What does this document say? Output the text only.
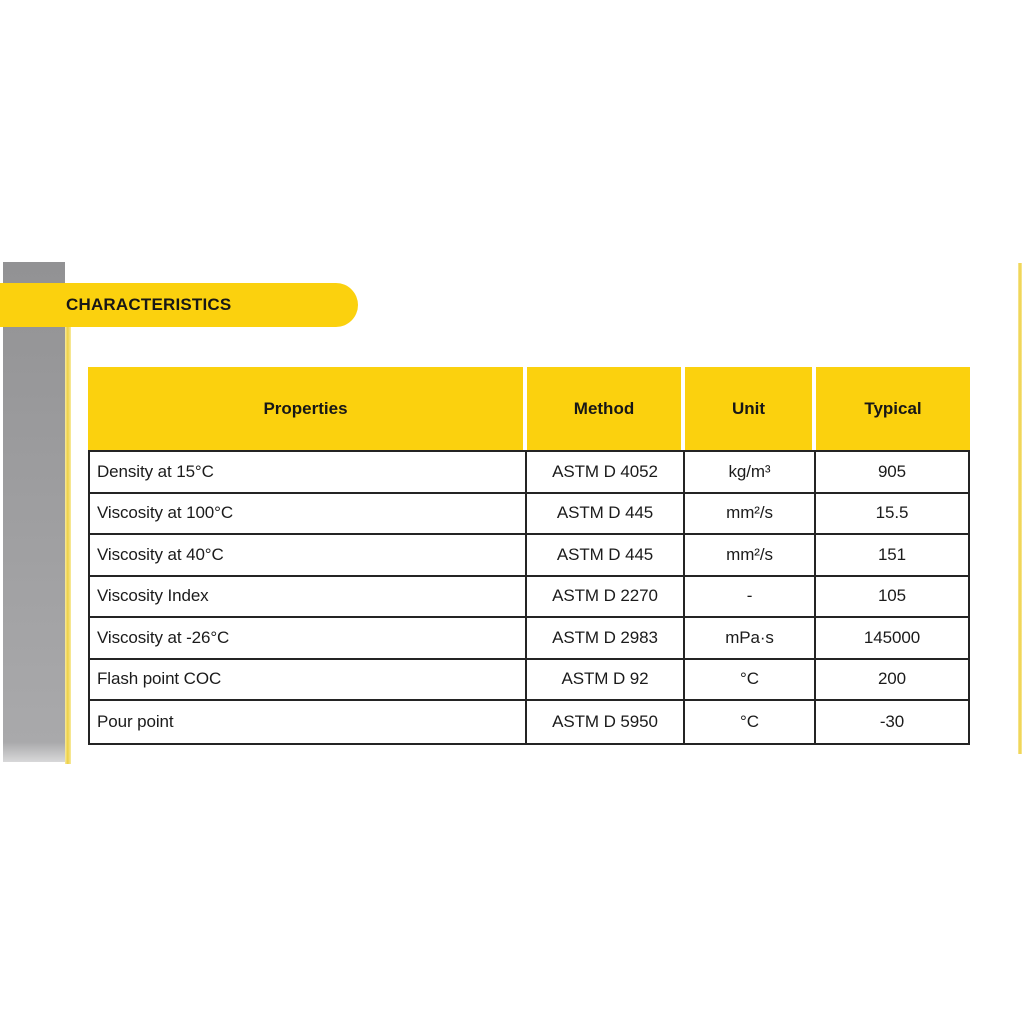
CHARACTERISTICS
Properties	Method	Unit	Typical
Density at 15°C	ASTM D 4052	kg/m³	905
Viscosity at 100°C	ASTM D 445	mm²/s	15.5
Viscosity at 40°C	ASTM D 445	mm²/s	151
Viscosity Index	ASTM D 2270	-	105
Viscosity at -26°C	ASTM D 2983	mPa·s	145000
Flash point COC	ASTM D 92	°C	200
Pour point	ASTM D 5950	°C	-30
